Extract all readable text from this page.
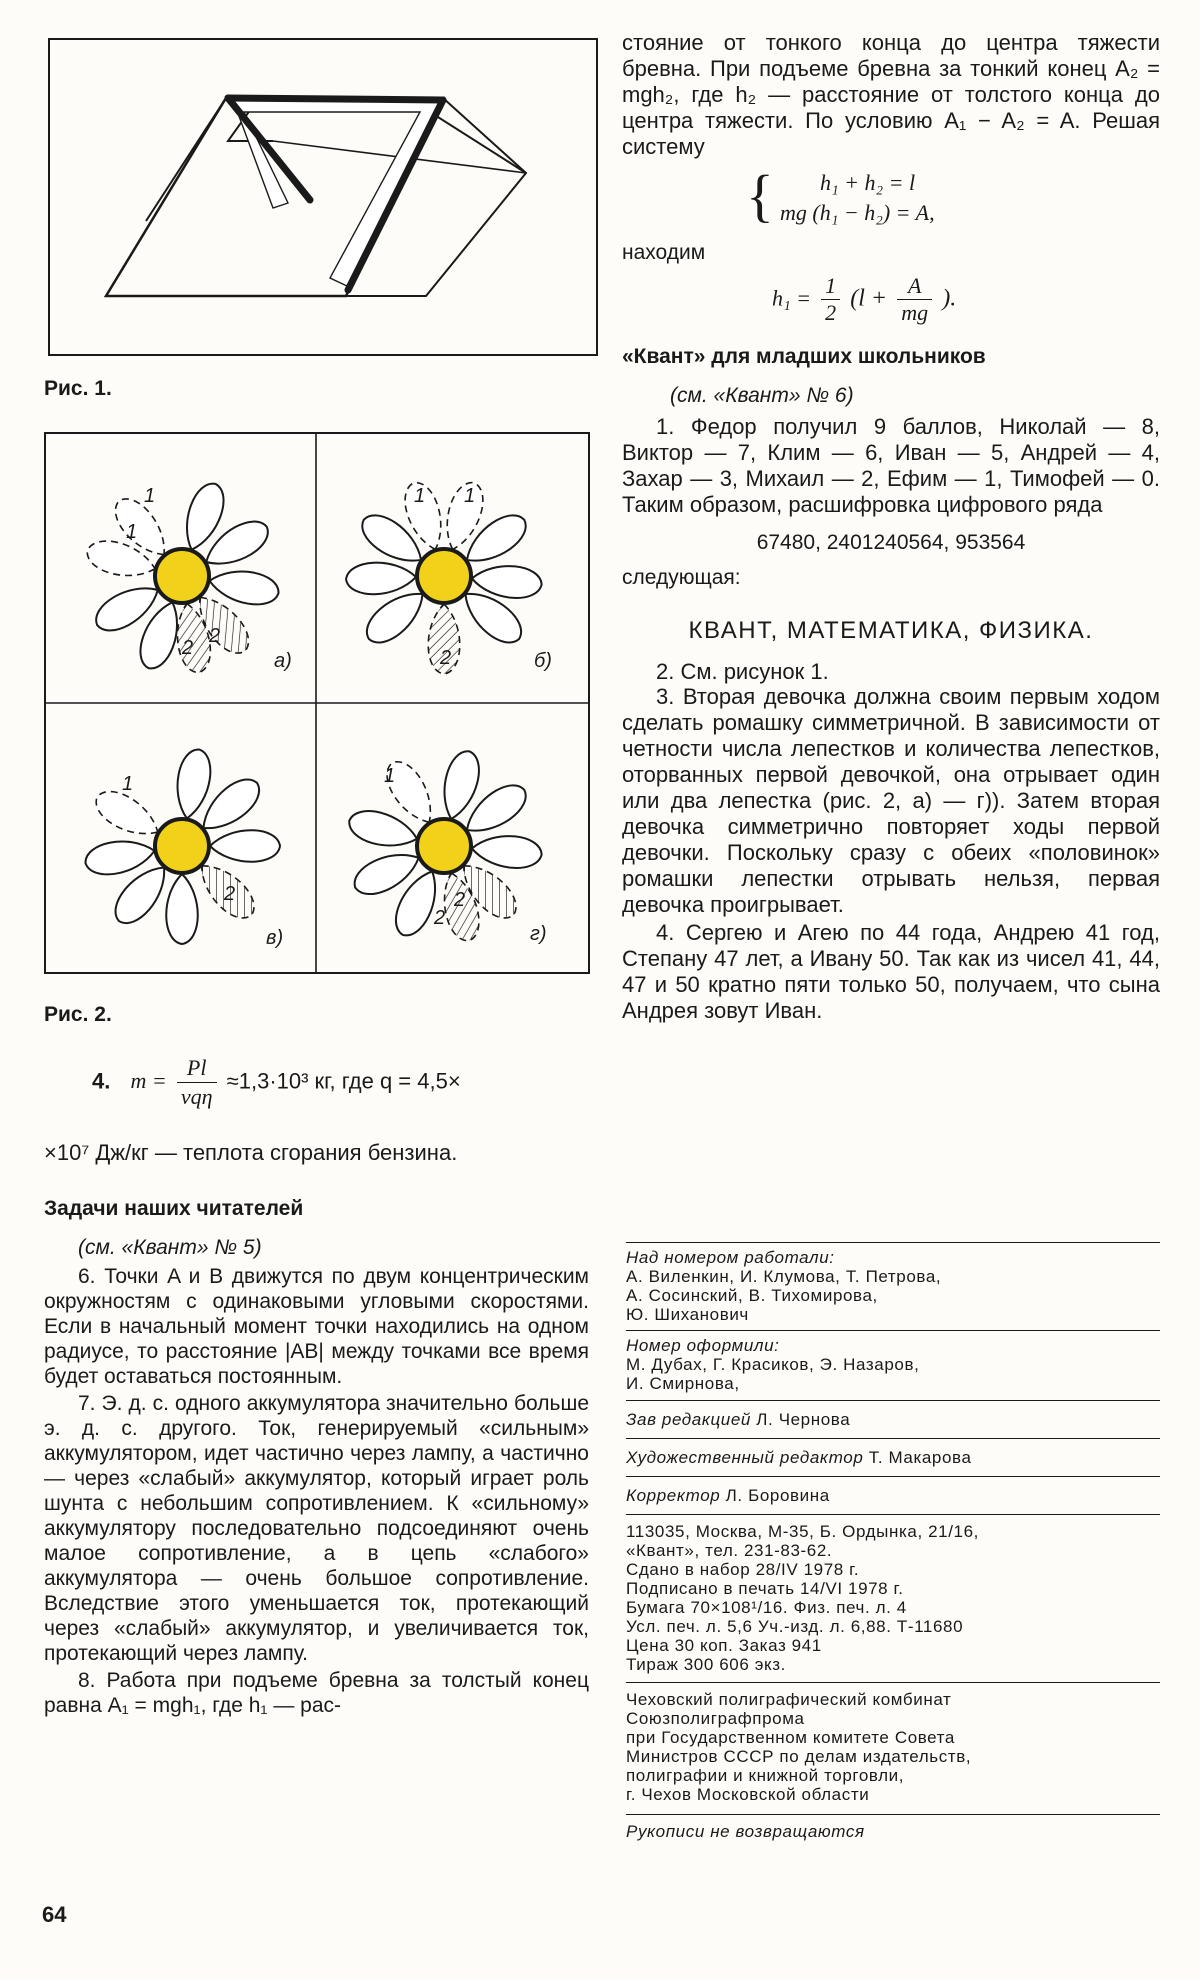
Рис. 1.
1
1
2
2
1 1
2
1
2
1
2
2
а)	б)
в)	г)
Рис. 2.
4. $m = \frac{Pl}{\text{vqη}} \approx 1,3\cdot 10^3$ кг, где q = 4,5×

×10⁷ Дж/кг — теплота сгорания бензина.

Задачи наших читателей

(см. «Квант» № 5)

6. Точки A и B движутся по двум концентрическим окружностям с одинаковыми угловыми скоростями. Если в начальный момент точки находились на одном радиусе, то расстояние |AB| между точками все время будет оставаться постоянным.

7. Э. д. с. одного аккумулятора значительно больше э. д. с. другого. Ток, генерируемый «сильным» аккумулятором, идет частично через лампу, а частично — через «слабый» аккумулятор, который играет роль шунта с небольшим сопротивлением. К «сильному» аккумулятору последовательно подсоединяют очень малое сопротивление, а в цепь «слабого» аккумулятора — очень большое сопротивление. Вследствие этого уменьшается ток, протекающий через «слабый» аккумулятор, и увеличивается ток, протекающий через лампу.

8. Работа при подъеме бревна за толстый конец равна A₁ = mgh₁, где h₁ — рас-

стояние от тонкого конца до центра тяжести бревна. При подъеме бревна за тонкий конец A₂ = mgh₂, где h₂ — расстояние от толстого конца до центра тяжести. По условию A₁ − A₂ = A. Решая систему

{ h₁ + h₂ = l
mg (h₁ − h₂) = A,

находим

$h_1 = \frac{1}{2} (l + \frac{A}{mg}$ ).

«Квант» для младших школьников

(см. «Квант» № 6)

1. Федор получил 9 баллов, Николай — 8, Виктор — 7, Клим — 6, Иван — 5, Андрей — 4, Захар — 3, Михаил — 2, Ефим — 1, Тимофей — 0. Таким образом, расшифровка цифрового ряда

67480, 2401240564, 953564

следующая:

КВАНТ, МАТЕМАТИКА, ФИЗИКА.

2. См. рисунок 1.

3. Вторая девочка должна своим первым ходом сделать ромашку симметричной. В зависимости от четности числа лепестков и количества лепестков, оторванных первой девочкой, она отрывает один или два лепестка (рис. 2, а) — г)). Затем вторая девочка симметрично повторяет ходы первой девочки. Поскольку сразу с обеих «половинок» ромашки лепестки отрывать нельзя, первая девочка проигрывает.

4. Сергею и Агею по 44 года, Андрею 41 год, Степану 47 лет, а Ивану 50. Так как из чисел 41, 44, 47 и 50 кратно пяти только 50, получаем, что сына Андрея зовут Иван.

Над номером работали:

А. Виленкин, И. Клумова, Т. Петрова,

А. Сосинский, В. Тихомирова,

Ю. Шиханович

Номер оформили:

М. Дубах, Г. Красиков, Э. Назаров,

И. Смирнова,

Зав редакцией Л. Чернова

Художественный редактор Т. Макарова

Корректор Л. Боровина

113035, Москва, М-35, Б. Ордынка, 21/16,

«Квант», тел. 231-83-62.

Сдано в набор 28/IV 1978 г.

Подписано в печать 14/VI 1978 г.

Бумага 70×108¹/16. Физ. печ. л. 4

Усл. печ. л. 5,6 Уч.-изд. л. 6,88. Т-11680

Цена 30 коп. Заказ 941

Тираж 300 606 экз.

Чеховский полиграфический комбинат

Союзполиграфпрома

при Государственном комитете Совета

Министров СССР по делам издательств,

полиграфии и книжной торговли,

г. Чехов Московской области

Рукописи не возвращаются

64
